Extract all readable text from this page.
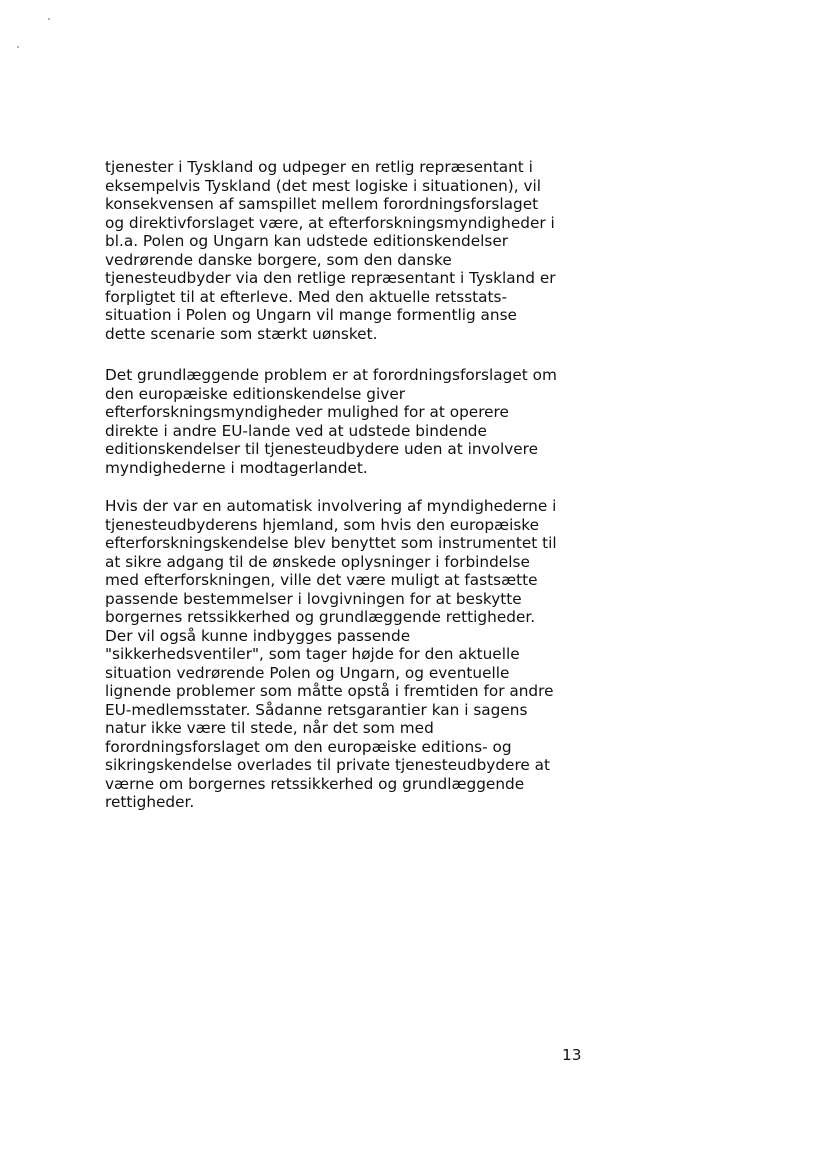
tjenester i Tyskland og udpeger en retlig repræsentant i
eksempelvis Tyskland (det mest logiske i situationen), vil
konsekvensen af samspillet mellem forordningsforslaget
og direktivforslaget være, at efterforskningsmyndigheder i
bl.a. Polen og Ungarn kan udstede editionskendelser
vedrørende danske borgere, som den danske
tjenesteudbyder via den retlige repræsentant i Tyskland er
forpligtet til at efterleve. Med den aktuelle retsstats-
situation i Polen og Ungarn vil mange formentlig anse
dette scenarie som stærkt uønsket.
Det grundlæggende problem er at forordningsforslaget om
den europæiske editionskendelse giver
efterforskningsmyndigheder mulighed for at operere
direkte i andre EU-lande ved at udstede bindende
editionskendelser til tjenesteudbydere uden at involvere
myndighederne i modtagerlandet.
Hvis der var en automatisk involvering af myndighederne i
tjenesteudbyderens hjemland, som hvis den europæiske
efterforskningskendelse blev benyttet som instrumentet til
at sikre adgang til de ønskede oplysninger i forbindelse
med efterforskningen, ville det være muligt at fastsætte
passende bestemmelser i lovgivningen for at beskytte
borgernes retssikkerhed og grundlæggende rettigheder.
Der vil også kunne indbygges passende
"sikkerhedsventiler", som tager højde for den aktuelle
situation vedrørende Polen og Ungarn, og eventuelle
lignende problemer som måtte opstå i fremtiden for andre
EU-medlemsstater. Sådanne retsgarantier kan i sagens
natur ikke være til stede, når det som med
forordningsforslaget om den europæiske editions- og
sikringskendelse overlades til private tjenesteudbydere at
værne om borgernes retssikkerhed og grundlæggende
rettigheder.
13
